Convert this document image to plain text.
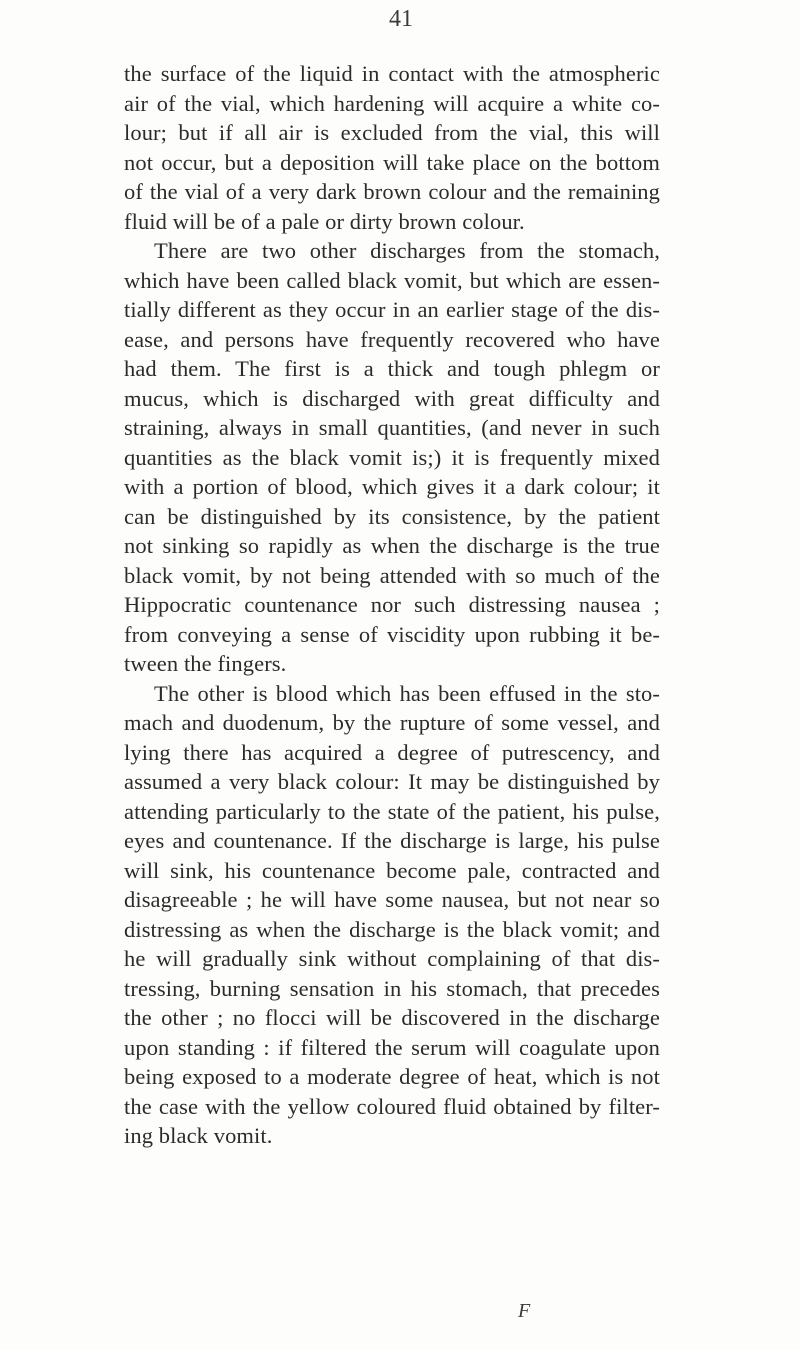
41
the surface of the liquid in contact with the atmospheric
air of the vial, which hardening will acquire a white co-
lour; but if all air is excluded from the vial, this will
not occur, but a deposition will take place on the bottom
of the vial of a very dark brown colour and the remaining
fluid will be of a pale or dirty brown colour.
There are two other discharges from the stomach,
which have been called black vomit, but which are essen-
tially different as they occur in an earlier stage of the dis-
ease, and persons have frequently recovered who have
had them. The first is a thick and tough phlegm or
mucus, which is discharged with great difficulty and
straining, always in small quantities, (and never in such
quantities as the black vomit is;) it is frequently mixed
with a portion of blood, which gives it a dark colour; it
can be distinguished by its consistence, by the patient
not sinking so rapidly as when the discharge is the true
black vomit, by not being attended with so much of the
Hippocratic countenance nor such distressing nausea ;
from conveying a sense of viscidity upon rubbing it be-
tween the fingers.
The other is blood which has been effused in the sto-
mach and duodenum, by the rupture of some vessel, and
lying there has acquired a degree of putrescency, and
assumed a very black colour: It may be distinguished by
attending particularly to the state of the patient, his pulse,
eyes and countenance. If the discharge is large, his pulse
will sink, his countenance become pale, contracted and
disagreeable ; he will have some nausea, but not near so
distressing as when the discharge is the black vomit; and
he will gradually sink without complaining of that dis-
tressing, burning sensation in his stomach, that precedes
the other ; no flocci will be discovered in the discharge
upon standing : if filtered the serum will coagulate upon
being exposed to a moderate degree of heat, which is not
the case with the yellow coloured fluid obtained by filter-
ing black vomit.
F
